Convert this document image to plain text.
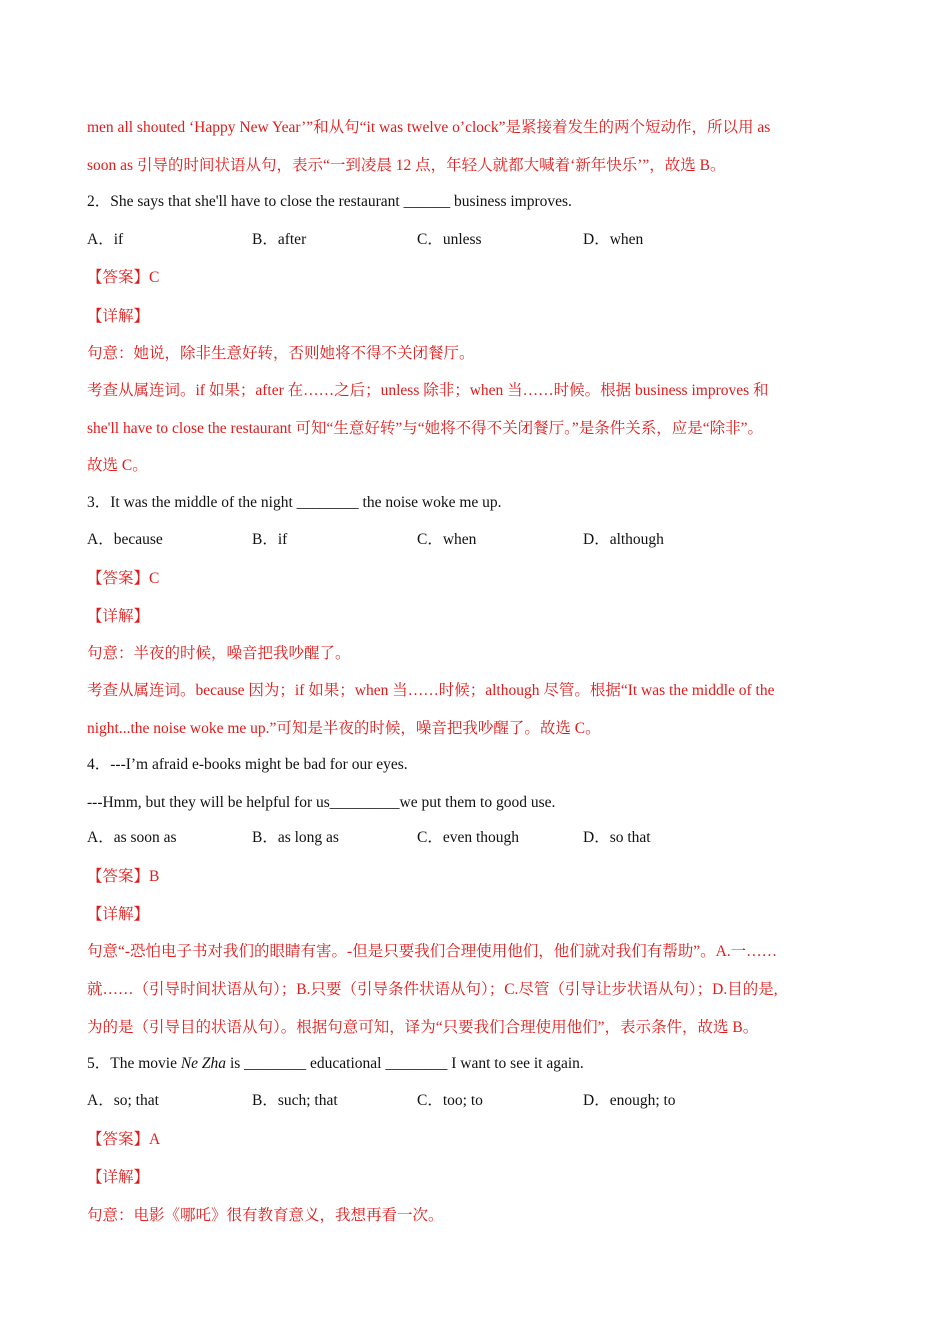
men all shouted ‘Happy New Year’”和从句“it was twelve o’clock”是紧接着发生的两个短动作，所以用 as
soon as 引导的时间状语从句，表示“一到凌晨 12 点，年轻人就都大喊着‘新年快乐’”，故选 B。
2．She says that she'll have to close the restaurant ______ business improves.
A．if	B．after	C．unless	D．when
【答案】C
【详解】
句意：她说，除非生意好转，否则她将不得不关闭餐厅。
考查从属连词。if 如果；after 在……之后；unless 除非；when 当……时候。根据 business improves 和
she'll have to close the restaurant 可知“生意好转”与“她将不得不关闭餐厅。”是条件关系，应是“除非”。
故选 C。
3．It was the middle of the night ________ the noise woke me up.
A．because	B．if	C．when	D．although
【答案】C
【详解】
句意：半夜的时候，噪音把我吵醒了。
考查从属连词。because 因为；if 如果；when 当……时候；although 尽管。根据“It was the middle of the
night...the noise woke me up.”可知是半夜的时候，噪音把我吵醒了。故选 C。
4．---I’m afraid e-books might be bad for our eyes.
---Hmm, but they will be helpful for us_________we put them to good use.
A．as soon as	B．as long as	C．even though	D．so that
【答案】B
【详解】
句意“-恐怕电子书对我们的眼睛有害。-但是只要我们合理使用他们，他们就对我们有帮助”。A.一……
就……（引导时间状语从句）；B.只要（引导条件状语从句）；C.尽管（引导让步状语从句）；D.目的是,
为的是（引导目的状语从句）。根据句意可知，译为“只要我们合理使用他们”，表示条件，故选 B。
5．The movie Ne Zha is ________ educational ________ I want to see it again.
A．so; that	B．such; that	C．too; to	D．enough; to
【答案】A
【详解】
句意：电影《哪吒》很有教育意义，我想再看一次。
